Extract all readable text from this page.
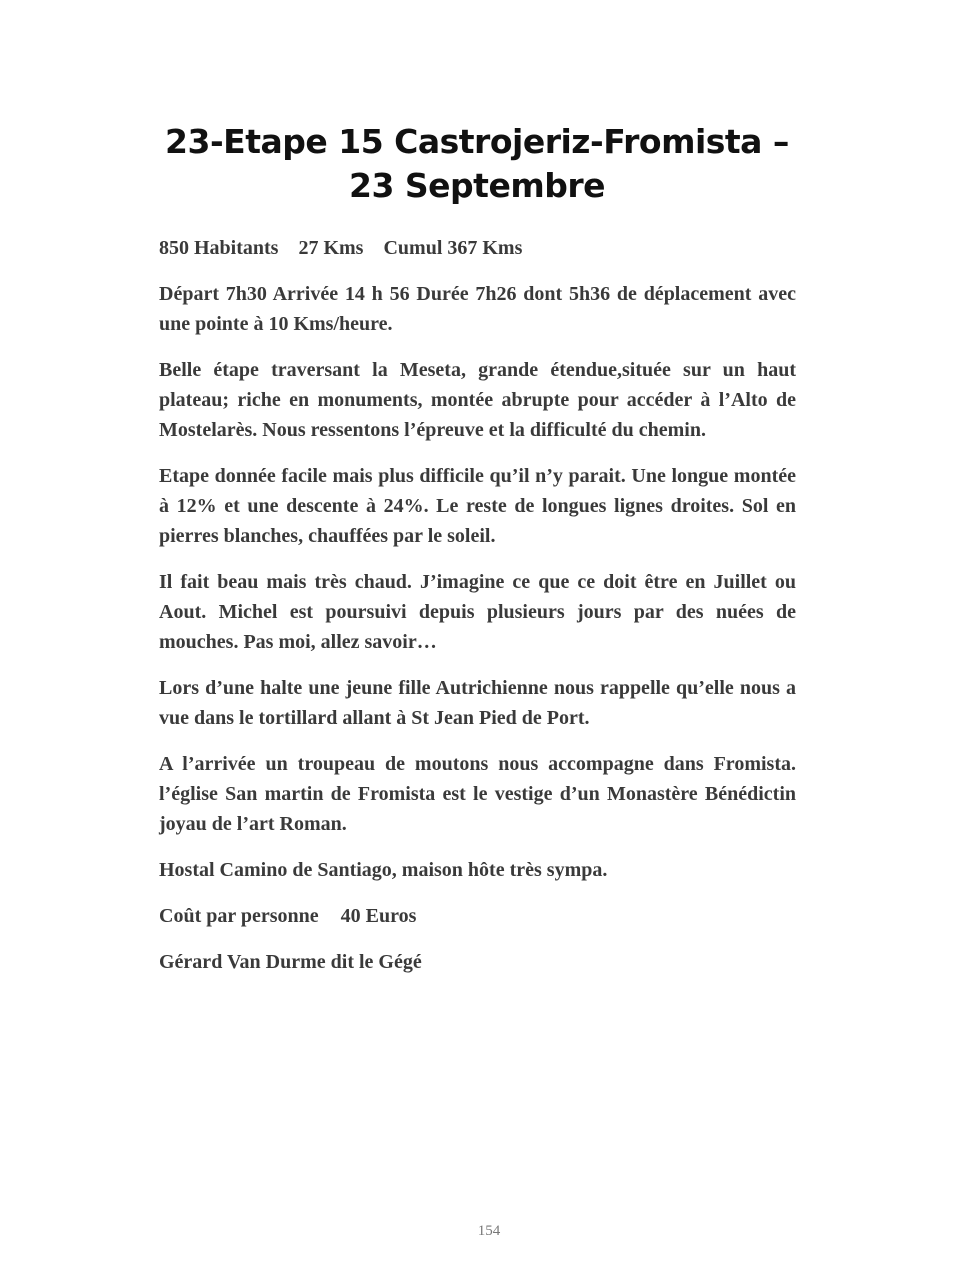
23-Etape 15 Castrojeriz-Fromista – 23 Septembre

850 Habitants 27 Kms Cumul 367 Kms

Départ 7h30 Arrivée 14 h 56 Durée 7h26 dont 5h36 de déplacement avec une pointe à 10 Kms/heure.

Belle étape traversant la Meseta, grande étendue,située sur un haut plateau; riche en monuments, montée abrupte pour accéder à l’Alto de Mostelarès. Nous ressentons l’épreuve et la difficulté du chemin.

Etape donnée facile mais plus difficile qu’il n’y parait. Une longue montée à 12% et une descente à 24%. Le reste de longues lignes droites. Sol en pierres blanches, chauffées par le soleil.

Il fait beau mais très chaud. J’imagine ce que ce doit être en Juillet ou Aout. Michel est poursuivi depuis plusieurs jours par des nuées de mouches. Pas moi, allez savoir…

Lors d’une halte une jeune fille Autrichienne nous rappelle qu’elle nous a vue dans le tortillard allant à St Jean Pied de Port.

A l’arrivée un troupeau de moutons nous accompagne dans Fromista. l’église San martin de Fromista est le vestige d’un Monastère Bénédictin joyau de l’art Roman.

Hostal Camino de Santiago, maison hôte très sympa.

Coût par personne 40 Euros

Gérard Van Durme dit le Gégé

154
